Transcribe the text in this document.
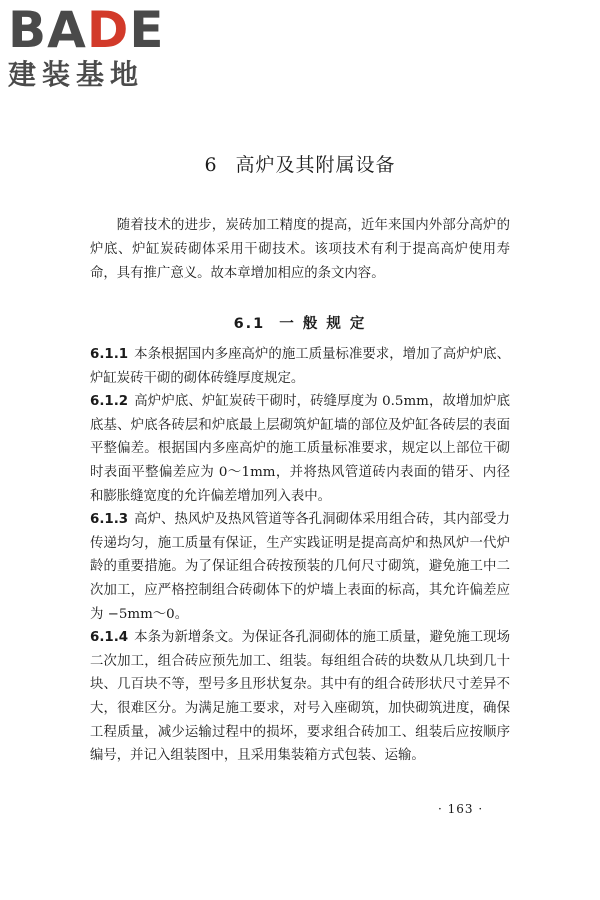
BADE
建装基地
6 高炉及其附属设备

随着技术的进步，炭砖加工精度的提高，近年来国内外部分高炉的炉底、炉缸炭砖砌体采用干砌技术。该项技术有利于提高高炉使用寿命，具有推广意义。故本章增加相应的条文内容。

6.1 一 般 规 定

6.1.1 本条根据国内多座高炉的施工质量标准要求，增加了高炉炉底、炉缸炭砖干砌的砌体砖缝厚度规定。

6.1.2 高炉炉底、炉缸炭砖干砌时，砖缝厚度为 0.5mm，故增加炉底底基、炉底各砖层和炉底最上层砌筑炉缸墙的部位及炉缸各砖层的表面平整偏差。根据国内多座高炉的施工质量标准要求，规定以上部位干砌时表面平整偏差应为 0～1mm，并将热风管道砖内表面的错牙、内径和膨胀缝宽度的允许偏差增加列入表中。

6.1.3 高炉、热风炉及热风管道等各孔洞砌体采用组合砖，其内部受力传递均匀，施工质量有保证，生产实践证明是提高高炉和热风炉一代炉龄的重要措施。为了保证组合砖按预装的几何尺寸砌筑，避免施工中二次加工，应严格控制组合砖砌体下的炉墙上表面的标高，其允许偏差应为 −5mm～0。

6.1.4 本条为新增条文。为保证各孔洞砌体的施工质量，避免施工现场二次加工，组合砖应预先加工、组装。每组组合砖的块数从几块到几十块、几百块不等，型号多且形状复杂。其中有的组合砖形状尺寸差异不大，很难区分。为满足施工要求，对号入座砌筑，加快砌筑进度，确保工程质量，减少运输过程中的损坏，要求组合砖加工、组装后应按顺序编号，并记入组装图中，且采用集装箱方式包装、运输。

· 163 ·
